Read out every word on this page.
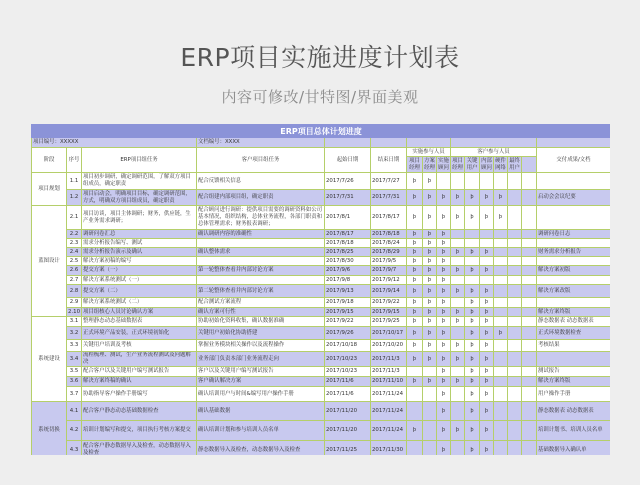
ERP项目实施进度计划表
内容可修改/甘特图/界面美观
ERP项目总体计划进度															
项目编号：XXXXX			文档编号：XXXX												
阶段	序号	ERP项目组任务	客户项目组任务	起始日期	结束日期	实施参与人员			客户参与人员						交付成果/文档
						项目经理	方案经理	实施顾问	项目经理	关键用户	内部顾问	硬件网络	最终用户		
项目规划	1.1	项目初步调研，确定调研范围，了解双方项目组成员，确定职责	配合反馈相关信息	2017/7/26	2017/7/27	þ	þ								
	1.2	项目启动会，明确项目目标，确定调研范围，方式，明确双方项目组成员，确定职责	配合组建内部项目组，确定职责	2017/7/31	2017/7/31	þ	þ	þ	þ	þ	þ	þ			启动会会议纪要
蓝图设计	2.1	项目访谈，项目主体调研；财务，供应链，生产业务需求调研；	配合顾问进行调研：提供项目需要的调研资料如公司基本情况，组织结构，总体业务流程，各部门职责和总体管理需求；财务报表调研；	2017/8/1	2017/8/17	þ	þ	þ	þ	þ	þ	þ			
	2.2	调研问卷汇总	确认调研内容的准确性	2017/8/17	2017/8/18	þ	þ	þ							调研问卷日志
	2.3	需求分析报告编写、测试		2017/8/18	2017/8/24	þ	þ	þ							
	2.4	需求分析报告演示及确认	确认整体需求	2017/8/25	2017/8/29	þ	þ	þ	þ	þ	þ				财务需求分析报告
	2.5	解决方案初稿的编写		2017/8/30	2017/9/5	þ	þ	þ							
	2.6	提交方案（一）	第一轮整体查看并内部讨论方案	2017/9/6	2017/9/7	þ	þ	þ	þ	þ	þ				解决方案初版
	2.7	解决方案系统测试（一）		2017/9/8	2017/9/12	þ	þ	þ							
	2.8	提交方案（二）	第二轮整体查看并内部讨论方案	2017/9/13	2017/9/14	þ	þ	þ	þ	þ	þ				解决方案改版
	2.9	解决方案系统测试（二）	配合测试方案流程	2017/9/18	2017/9/22	þ	þ	þ		þ	þ				
	2.10	项目组核心人员讨论确认方案	确认方案可行性	2017/9/15	2017/9/15	þ	þ	þ	þ	þ	þ				解决方案终版
系统建设	3.1	整理静态动态基础数据表	协助初始化资料收集，确认数据准确	2017/9/22	2017/9/25	þ	þ	þ	þ	þ	þ				静态数据表 动态数据表
	3.2	正式环境产品安装，正式环境初始化	关键用户初始化协助搭建	2017/9/26	2017/10/17	þ	þ	þ		þ	þ	þ			正式环境数据检查
	3.3	关键用户培训及考核	掌握业务模块相关操作以及流程操作	2017/10/18	2017/10/20	þ	þ	þ	þ	þ	þ				考核结果
	3.4	流程梳理、测试，生产业务流程测试及问题解决	业务部门负责本部门业务流程走向	2017/10/23	2017/11/3	þ	þ	þ	þ	þ	þ				
	3.5	配合客户以及关键用户编写测试报告	客户以及关键用户编写测试报告	2017/10/23	2017/11/3			þ		þ	þ				测试报告
	3.6	解决方案终稿的确认	客户确认解决方案	2017/11/6	2017/11/10	þ	þ	þ	þ	þ	þ				解决方案终版
	3.7	协助指导客户操作手册编写	确认培训用户与时间&编写用户操作手册	2017/11/6	2017/11/24			þ		þ	þ				用户操作手册
系统切换	4.1	配合客户静态动态基础数据检查	确认基础数据	2017/11/20	2017/11/24			þ		þ	þ				静态数据表 动态数据表
	4.2	培训计划编写和提交，项目执行考核方案提交	确认培训计划和参与培训人员名单	2017/11/20	2017/11/24	þ		þ	þ	þ	þ				培训计划书、培训人员名单
	4.3	配合客户静态数据导入及检查，动态数据导入及检查	静态数据导入及检查，动态数据导入及检查	2017/11/25	2017/11/30			þ		þ	þ				基础数据导入确认单
